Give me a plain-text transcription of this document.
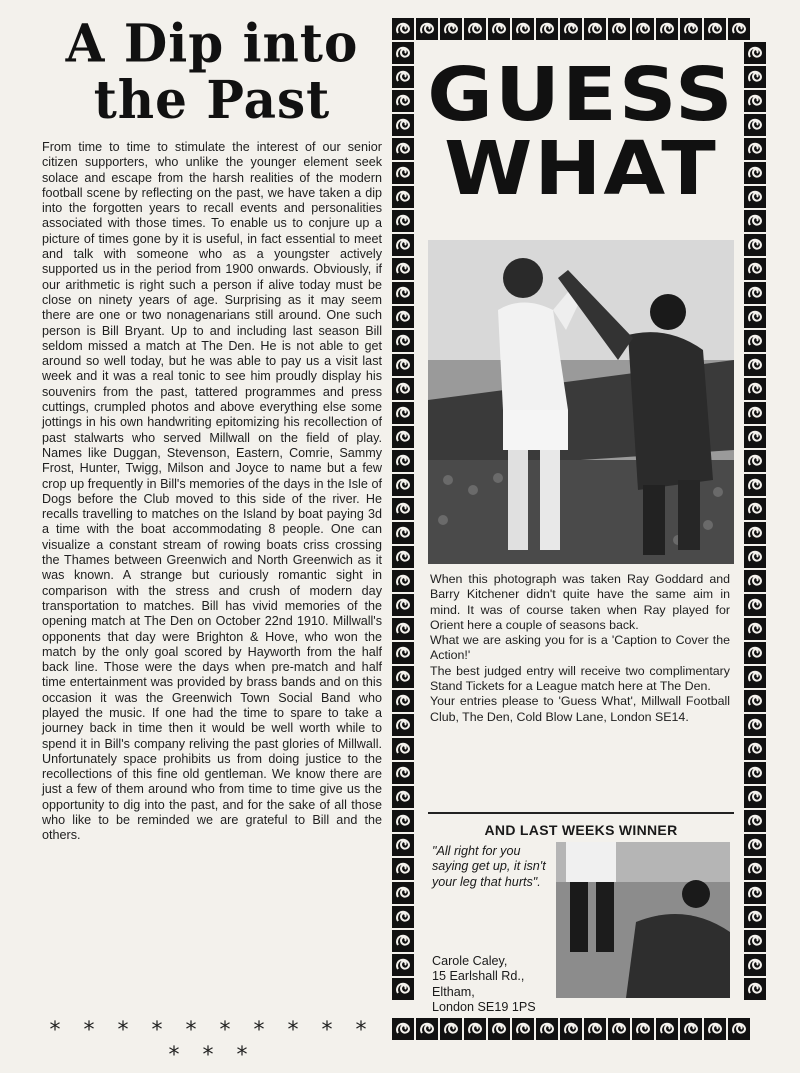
A Dip into
the Past
From time to time to stimulate the interest of our senior citizen supporters, who unlike the younger element seek solace and escape from the harsh realities of the modern football scene by reflecting on the past, we have taken a dip into the forgotten years to recall events and personalities associated with those times. To enable us to conjure up a picture of times gone by it is useful, in fact essential to meet and talk with someone who as a youngster actively supported us in the period from 1900 onwards. Obviously, if our arithmetic is right such a person if alive today must be close on ninety years of age. Surprising as it may seem there are one or two nonagenarians still around. One such person is Bill Bryant. Up to and including last season Bill seldom missed a match at The Den. He is not able to get around so well today, but he was able to pay us a visit last week and it was a real tonic to see him proudly display his souvenirs from the past, tattered programmes and press cuttings, crumpled photos and above everything else some jottings in his own handwriting epitomizing his recollection of past stalwarts who served Millwall on the field of play. Names like Duggan, Stevenson, Eastern, Comrie, Sammy Frost, Hunter, Twigg, Milson and Joyce to name but a few crop up frequently in Bill's memories of the days in the Isle of Dogs before the Club moved to this side of the river. He recalls travelling to matches on the Island by boat paying 3d a time with the boat accommodating 8 people. One can visualize a constant stream of rowing boats criss crossing the Thames between Greenwich and North Greenwich as it was known. A strange but curiously romantic sight in comparison with the stress and crush of modern day transportation to matches. Bill has vivid memories of the opening match at The Den on October 22nd 1910. Millwall's opponents that day were Brighton & Hove, who won the match by the only goal scored by Hayworth from the half back line. Those were the days when pre-match and half time entertainment was provided by brass bands and on this occasion it was the Greenwich Town Social Band who played the music. If one had the time to spare to take a journey back in time then it would be well worth while to spend it in Bill's company reliving the past glories of Millwall. Unfortunately space prohibits us from doing justice to the recollections of this fine old gentleman. We know there are just a few of them around who from time to time give us the opportunity to dig into the past, and for the sake of all those who like to be reminded we are grateful to Bill and the others.
* * * * * * * * * * * * *
GUESS
WHAT

When this photograph was taken Ray Goddard and Barry Kitchener didn't quite have the same aim in mind. It was of course taken when Ray played for Orient here a couple of seasons back.

What we are asking you for is a 'Caption to Cover the Action!'

The best judged entry will receive two complimentary Stand Tickets for a League match here at The Den.

Your entries please to 'Guess What', Millwall Football Club, The Den, Cold Blow Lane, London SE14.

AND LAST WEEKS WINNER
"All right for you saying get up, it isn't your leg that hurts".
Carole Caley,
15 Earlshall Rd.,
Eltham,
London SE19 1PS
